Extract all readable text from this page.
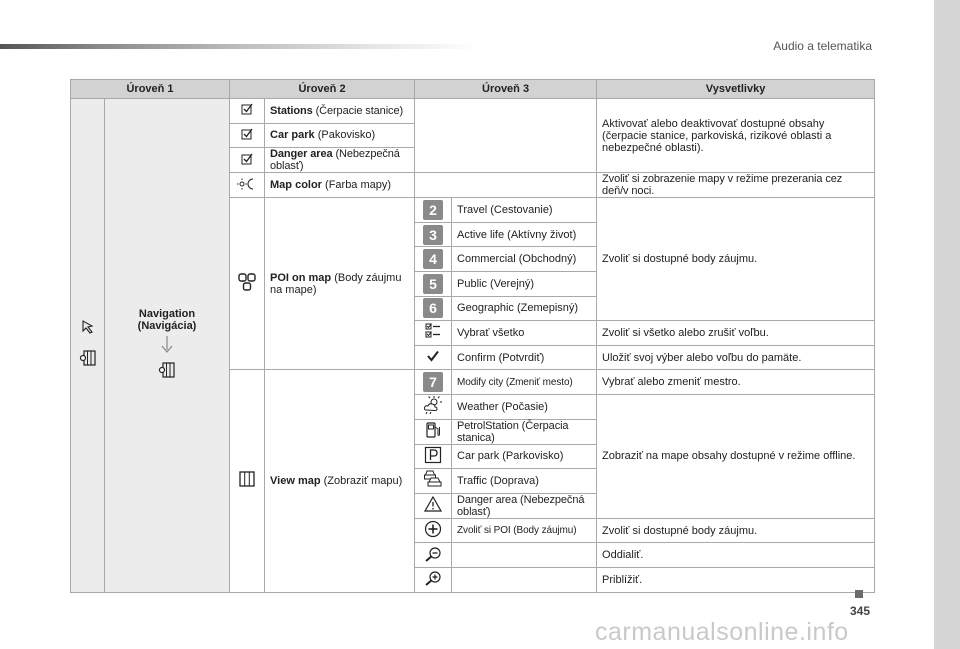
Audio a telematika
Úroveň 1		Úroveň 2		Úroveň 3		Vysvetlivky

	Navigation (Navigácia)		Stations (Čerpacie stanice)			Aktivovať alebo deaktivovať dostupné obsahy (čerpacie stanice, parkoviská, rizikové oblasti a nebezpečné oblasti).
	Car park (Pakovisko)			
	Danger area (Nebezpečná oblasť)			
	Map color (Farba mapy)			Zvoliť si zobrazenie mapy v režime prezerania cez deň/v noci.
	POI on map (Body záujmu na mape)	2	Travel (Cestovanie)	Zvoliť si dostupné body záujmu.
				3	Active life (Aktívny život)	
				4	Commercial (Obchodný)	
				5	Public (Verejný)	
				6	Geographic (Zemepisný)	
	Vybrať všetko	Zvoliť si všetko alebo zrušiť voľbu.
	Confirm (Potvrdiť)	Uložiť svoj výber alebo voľbu do pamäte.
	View map (Zobraziť mapu)	7	Modify city (Zmeniť mesto)	Vybrať alebo zmeniť mestro.
	Weather (Počasie)	Zobraziť na mape obsahy dostupné v režime offline.
	PetrolStation (Čerpacia stanica)	
	Car park (Parkovisko)	
	Traffic (Doprava)	
	Danger area (Nebezpečná oblasť)	
	Zvoliť si POI (Body záujmu)	Zvoliť si dostupné body záujmu.
		Oddialiť.
		Priblížiť.
345
carmanualsonline.info
